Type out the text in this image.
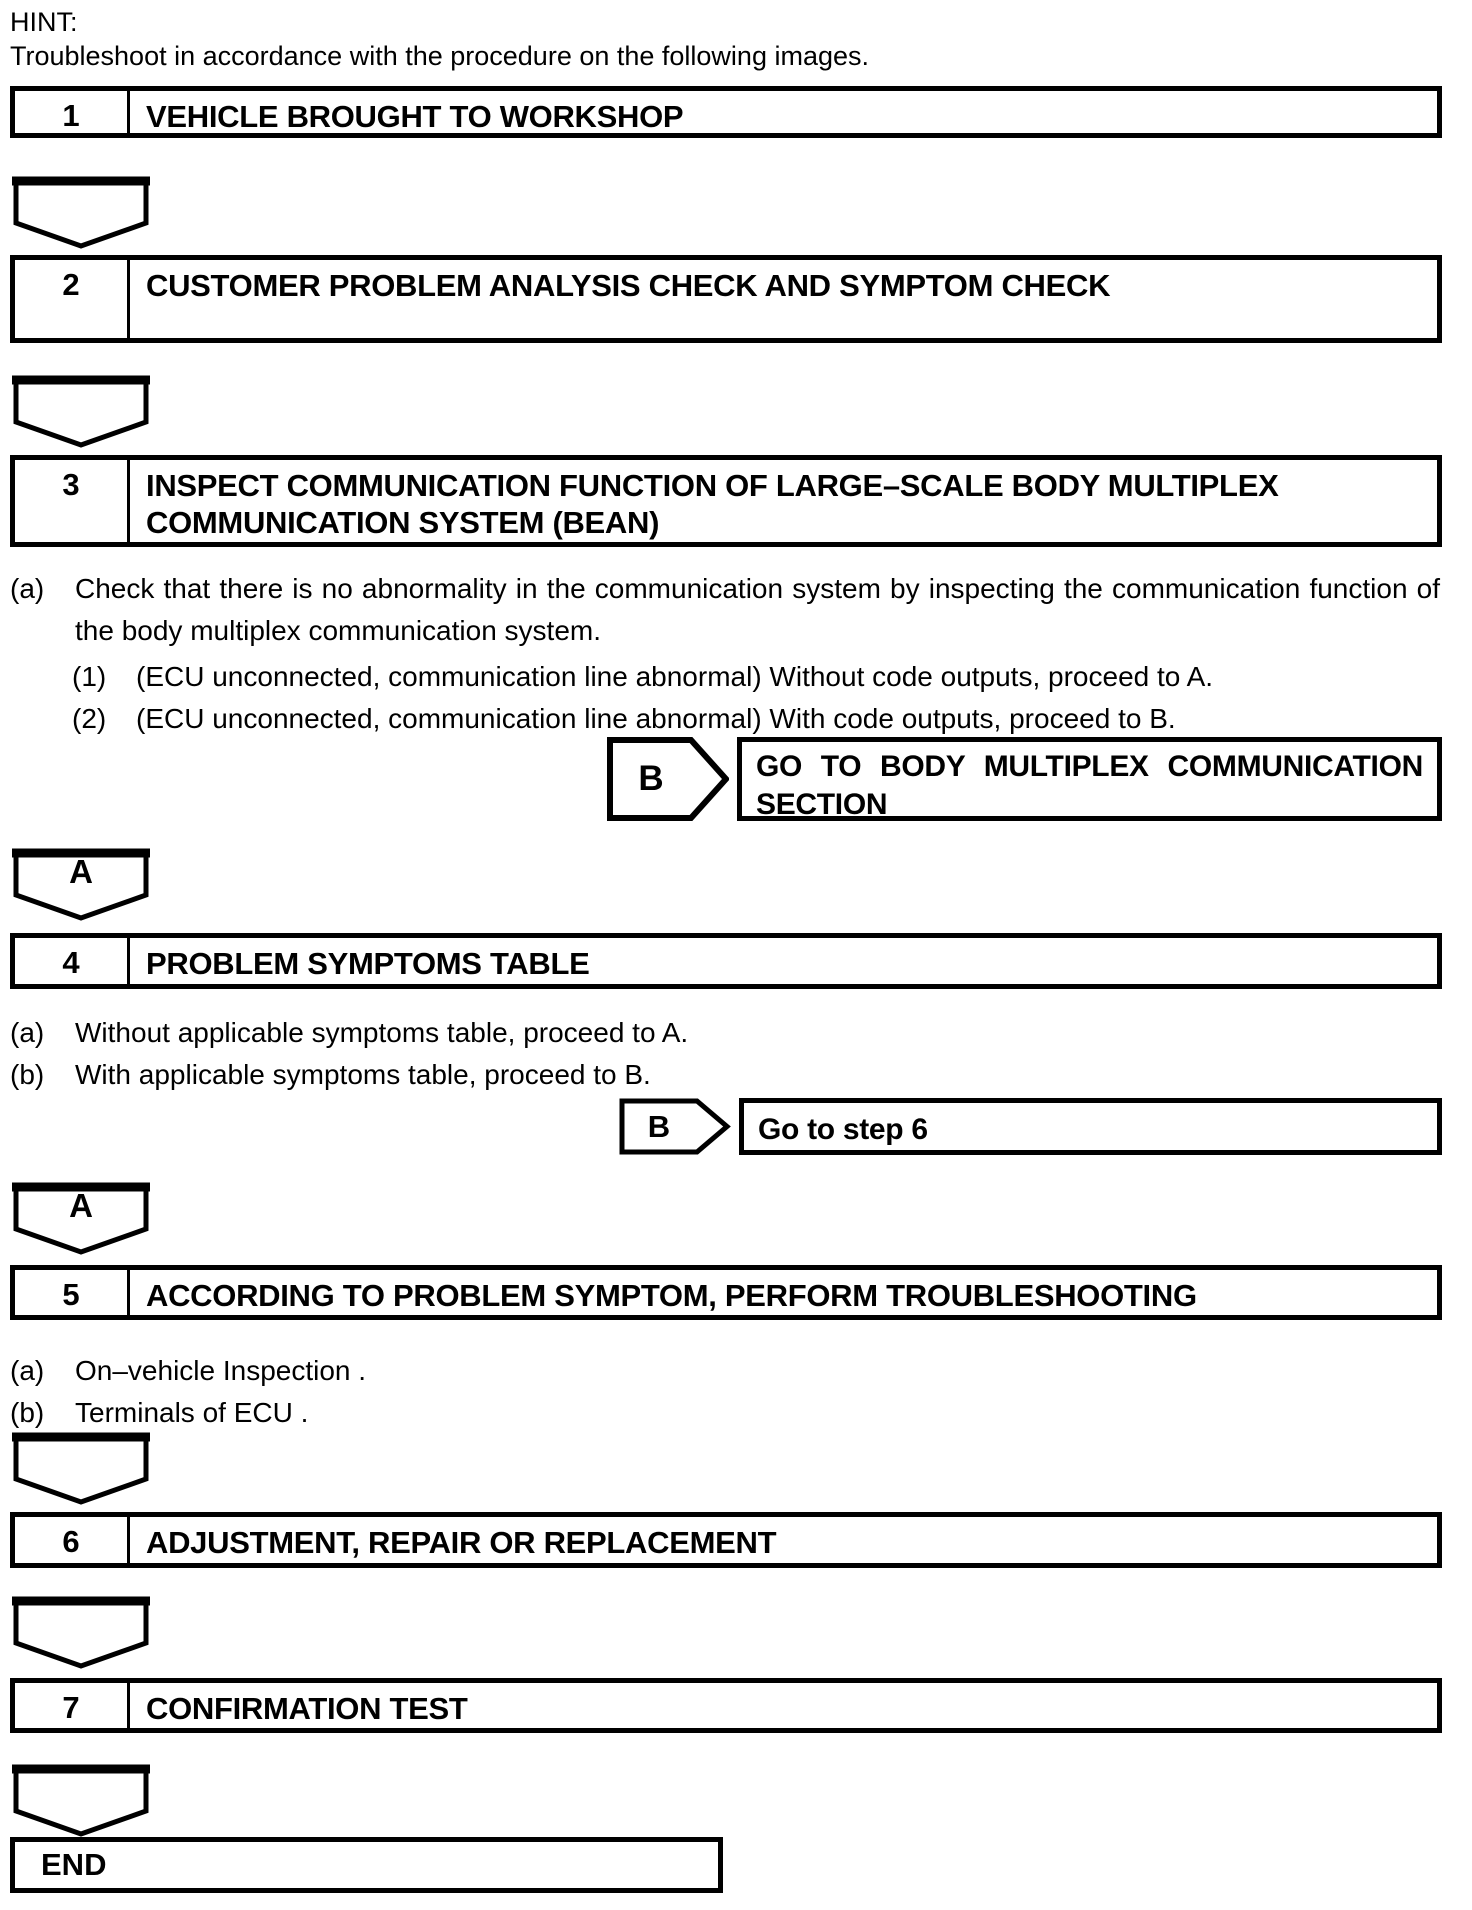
HINT:
Troubleshoot in accordance with the procedure on the following images.
1	VEHICLE BROUGHT TO WORKSHOP
2	CUSTOMER PROBLEM ANALYSIS CHECK AND SYMPTOM CHECK
3	INSPECT COMMUNICATION FUNCTION OF LARGE–SCALE BODY MULTIPLEX COMMUNICATION SYSTEM (BEAN)
(a)	Check that there is no abnormality in the communication system by inspecting the communication function of the body multiplex communication system.
(1)	(ECU unconnected, communication line abnormal) Without code outputs, proceed to A.
(2)	(ECU unconnected, communication line abnormal) With code outputs, proceed to B.
B	GO TO BODY MULTIPLEX COMMUNICATION SECTION
A
4	PROBLEM SYMPTOMS TABLE
(a)	Without applicable symptoms table, proceed to A.
(b)	With applicable symptoms table, proceed to B.
B	Go to step 6
A
5	ACCORDING TO PROBLEM SYMPTOM, PERFORM TROUBLESHOOTING
(a)	On–vehicle Inspection .
(b)	Terminals of ECU .
6	ADJUSTMENT, REPAIR OR REPLACEMENT
7	CONFIRMATION TEST
END
